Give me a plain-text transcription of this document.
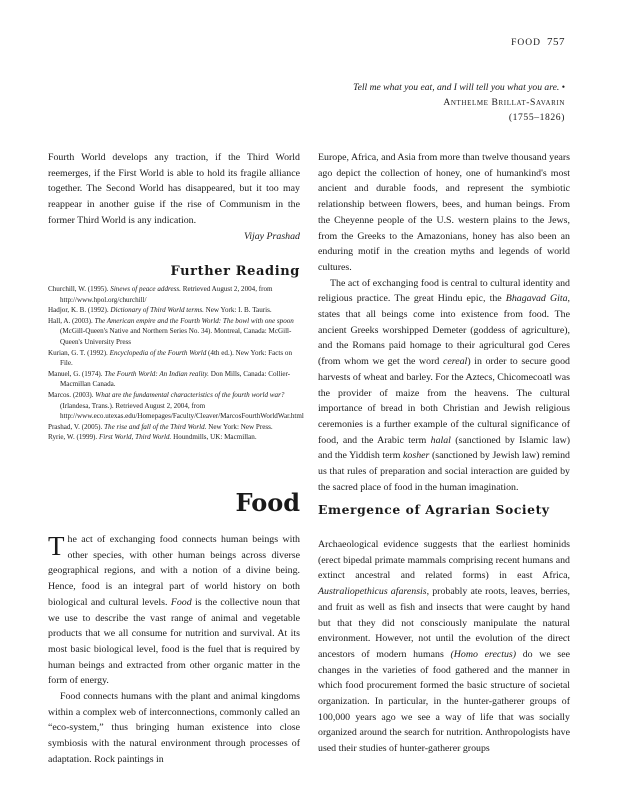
FOOD 757
Tell me what you eat, and I will tell you what you are. • Anthelme Brillat-Savarin
(1755–1826)

Fourth World develops any traction, if the Third World reemerges, if the First World is able to hold its fragile alliance together. The Second World has disappeared, but it too may reappear in another guise if the rise of Communism in the former Third World is any indication.

Vijay Prashad

Further Reading

Churchill, W. (1995). Sinews of peace address. Retrieved August 2, 2004, from http://www.hpol.org/churchill/

Hadjor, K. B. (1992). Dictionary of Third World terms. New York: I. B. Tauris.

Hall, A. (2003). The American empire and the Fourth World: The bowl with one spoon (McGill-Queen's Native and Northern Series No. 34). Montreal, Canada: McGill-Queen's University Press

Kurian, G. T. (1992). Encyclopedia of the Fourth World (4th ed.). New York: Facts on File.

Manuel, G. (1974). The Fourth World: An Indian reality. Don Mills, Canada: Collier-Macmillan Canada.

Marcos. (2003). What are the fundamental characteristics of the fourth world war? (Irlandesa, Trans.). Retrieved August 2, 2004, from http://www.eco.utexas.edu/Homepages/Faculty/Cleaver/MarcosFourthWorldWar.html

Prashad, V. (2005). The rise and fall of the Third World. New York: New Press.

Ryrie, W. (1999). First World, Third World. Houndmills, UK: Macmillan.

Food

The act of exchanging food connects human beings with other species, with other human beings across diverse geographical regions, and with a notion of a divine being. Hence, food is an integral part of world history on both biological and cultural levels. Food is the collective noun that we use to describe the vast range of animal and vegetable products that we all consume for nutrition and survival. At its most basic biological level, food is the fuel that is required by human beings and extracted from other organic matter in the form of energy.

Food connects humans with the plant and animal kingdoms within a complex web of interconnections, commonly called an “eco-system,” thus bringing human existence into close symbiosis with the natural environment through processes of adaptation. Rock paintings in

Europe, Africa, and Asia from more than twelve thousand years ago depict the collection of honey, one of humankind's most ancient and durable foods, and represent the symbiotic relationship between flowers, bees, and human beings. From the Cheyenne people of the U.S. western plains to the Jews, from the Greeks to the Amazonians, honey has also been an enduring motif in the creation myths and legends of world cultures.

The act of exchanging food is central to cultural identity and religious practice. The great Hindu epic, the Bhagavad Gita, states that all beings come into existence from food. The ancient Greeks worshipped Demeter (goddess of agriculture), and the Romans paid homage to their agricultural god Ceres (from whom we get the word cereal) in order to secure good harvests of wheat and barley. For the Aztecs, Chicomecoatl was the provider of maize from the heavens. The cultural importance of bread in both Christian and Jewish religious ceremonies is a further example of the cultural significance of food, and the Arabic term halal (sanctioned by Islamic law) and the Yiddish term kosher (sanctioned by Jewish law) remind us that rules of preparation and social interaction are guided by the sacred place of food in the human imagination.

Emergence of Agrarian Society

Archaeological evidence suggests that the earliest hominids (erect bipedal primate mammals comprising recent humans and extinct ancestral and related forms) in east Africa, Australiopethicus afarensis, probably ate roots, leaves, berries, and fruit as well as fish and insects that were caught by hand but that they did not consciously manipulate the natural environment. However, not until the evolution of the direct ancestors of modern humans (Homo erectus) do we see changes in the varieties of food gathered and the manner in which food procurement formed the basic structure of societal organization. In particular, in the hunter-gatherer groups of 100,000 years ago we see a way of life that was socially organized around the search for nutrition. Anthropologists have used their studies of hunter-gatherer groups
